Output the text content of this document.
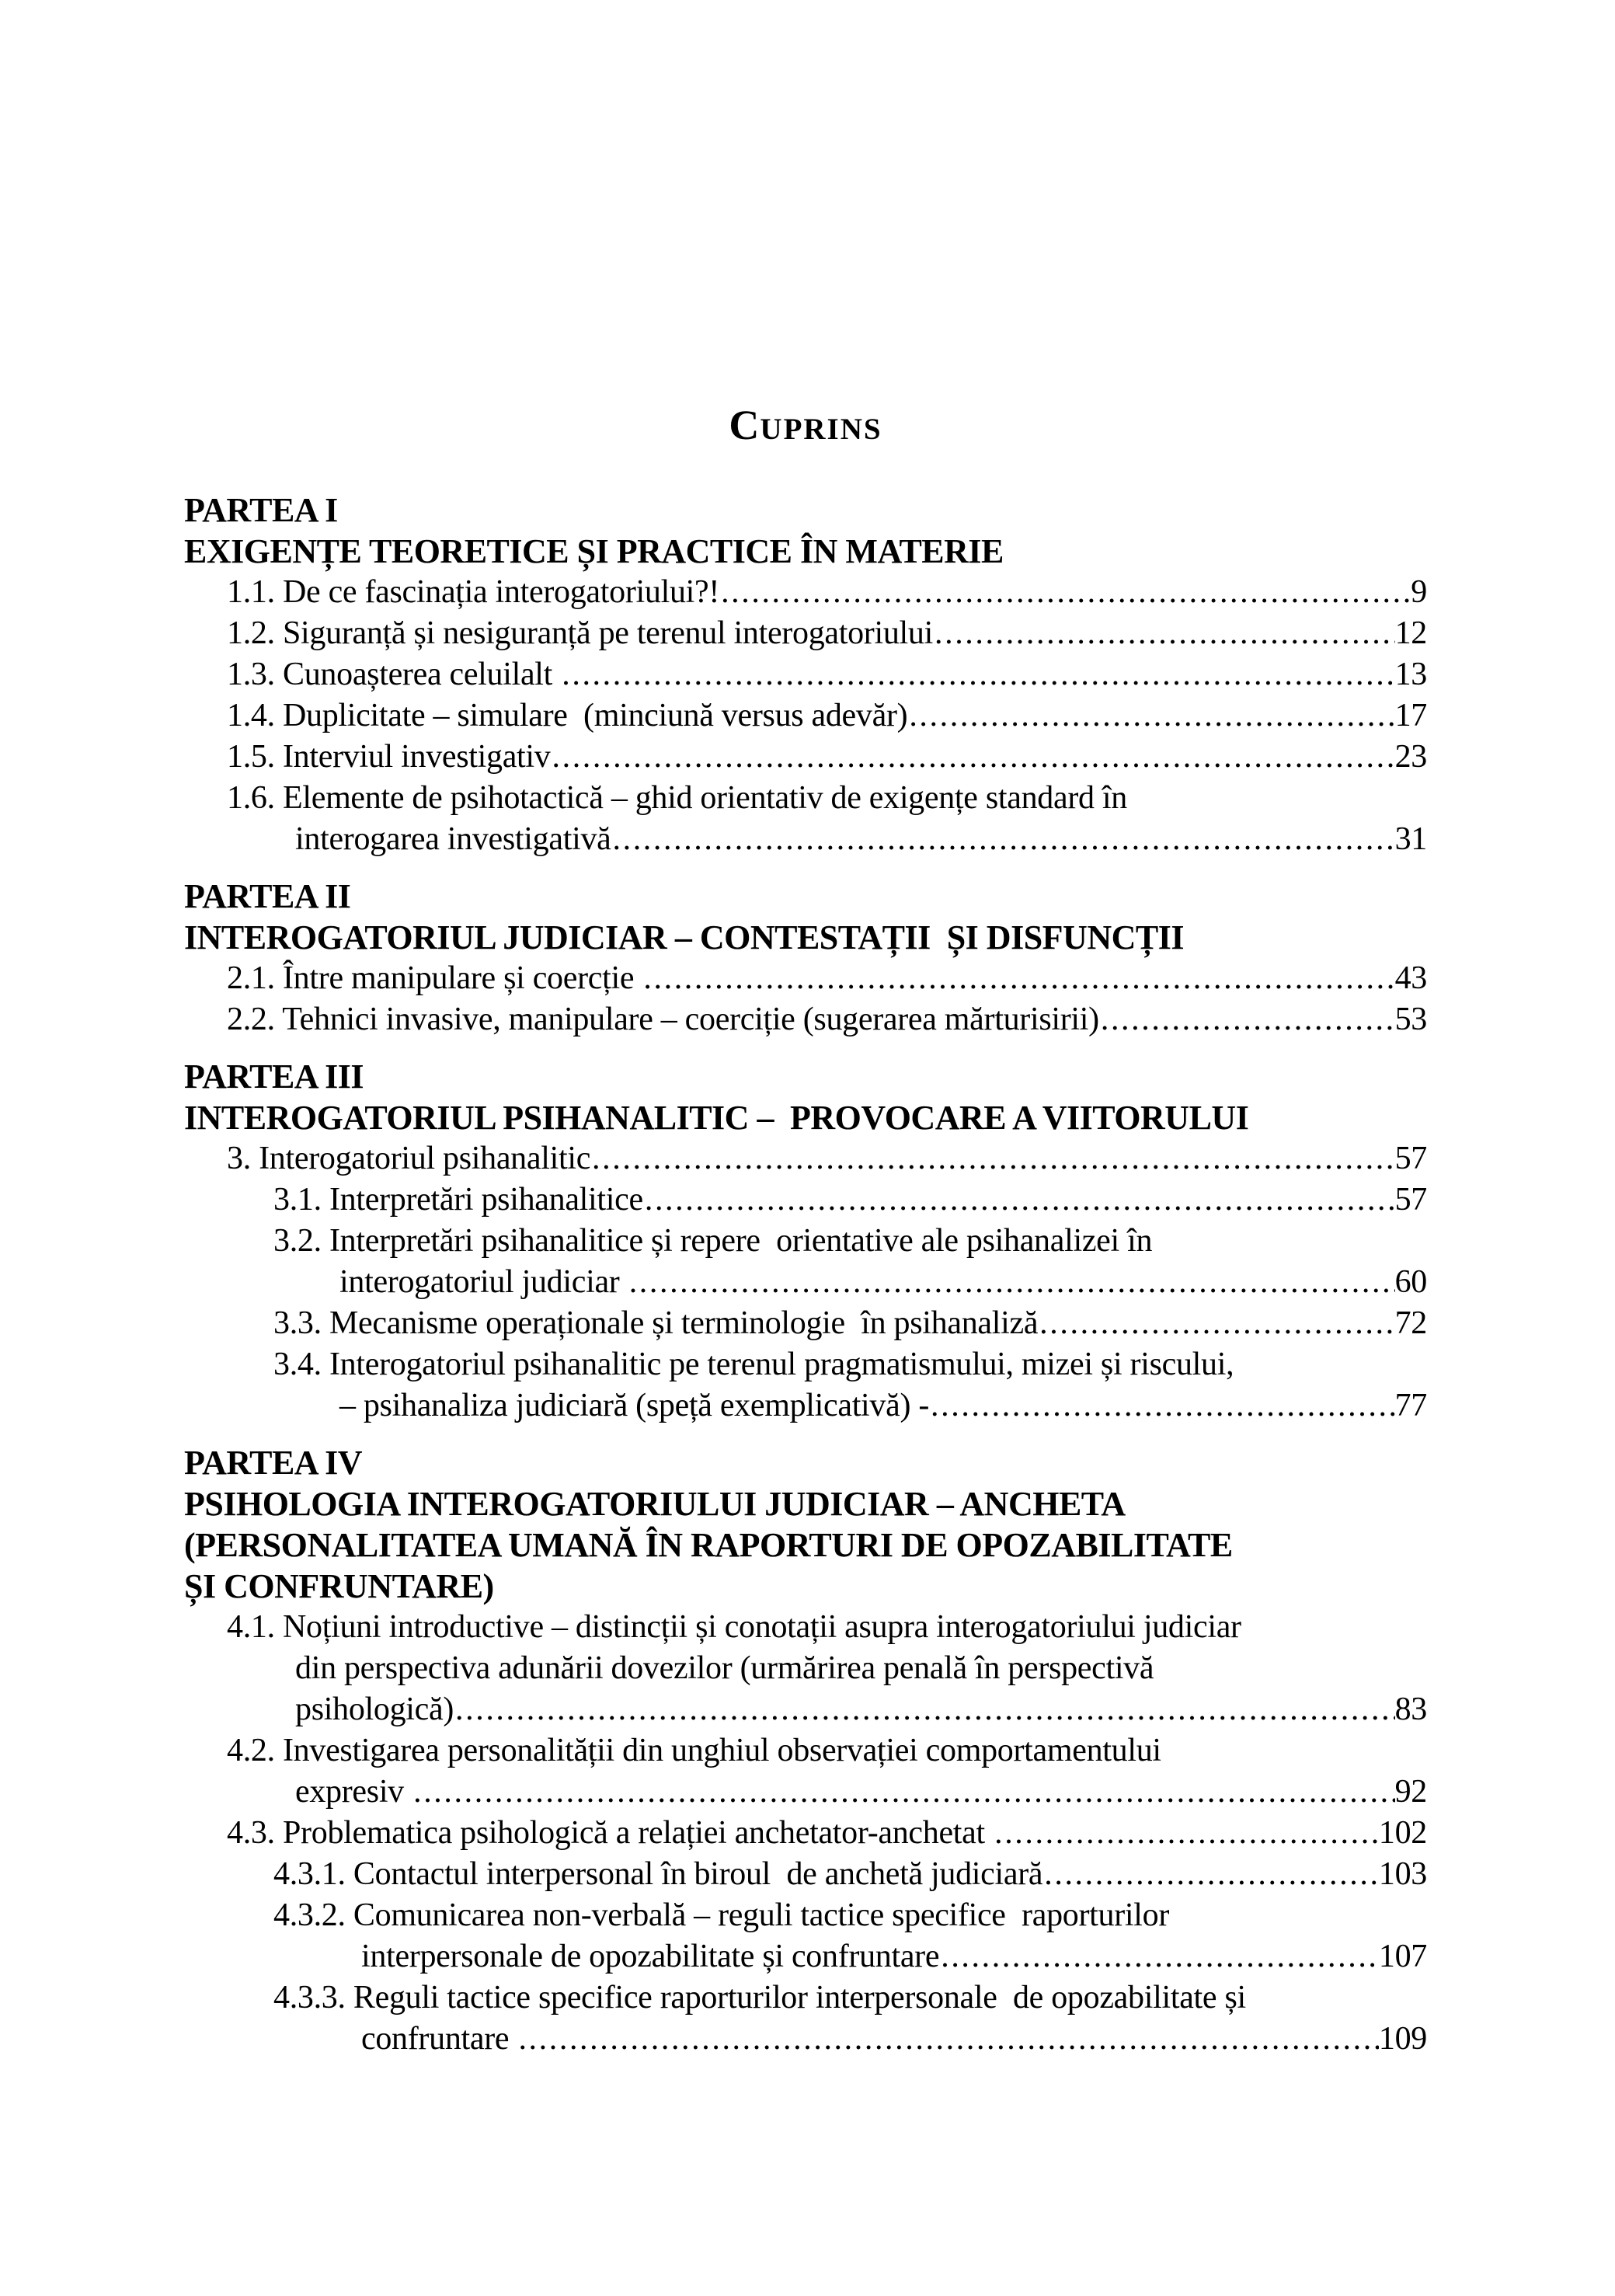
CUPRINS
PARTEA I
EXIGENȚE TEORETICE ȘI PRACTICE ÎN MATERIE
1.1. De ce fascinația interogatoriului?! .....	9
1.2. Siguranță și nesiguranță pe terenul interogatoriului .....	12
1.3. Cunoașterea celuilalt .....	13
1.4. Duplicitate – simulare  (minciună versus adevăr) .....	17
1.5. Interviul investigativ .....	23
1.6. Elemente de psihotactică – ghid orientativ de exigențe standard în
interogarea investigativă .....	31
PARTEA II
INTEROGATORIUL JUDICIAR – CONTESTAȚII  ȘI DISFUNCȚII
2.1. Între manipulare și coercție .....	43
2.2. Tehnici invasive, manipulare – coerciție (sugerarea mărturisirii) .....	53
PARTEA III
INTEROGATORIUL PSIHANALITIC –  PROVOCARE A VIITORULUI
3. Interogatoriul psihanalitic .....	57
3.1. Interpretări psihanalitice .....	57
3.2. Interpretări psihanalitice și repere  orientative ale psihanalizei în
interogatoriul judiciar .....	60
3.3. Mecanisme operaționale și terminologie  în psihanaliză .....	72
3.4. Interogatoriul psihanalitic pe terenul pragmatismului, mizei și riscului,
– psihanaliza judiciară (speță exemplicativă) - .....	77
PARTEA IV
PSIHOLOGIA INTEROGATORIULUI JUDICIAR – ANCHETA
(PERSONALITATEA UMANĂ ÎN RAPORTURI DE OPOZABILITATE
ȘI CONFRUNTARE)
4.1. Noțiuni introductive – distincții și conotații asupra interogatoriului judiciar
din perspectiva adunării dovezilor (urmărirea penală în perspectivă
psihologică) .....	83
4.2. Investigarea personalității din unghiul observației comportamentului
expresiv .....	92
4.3. Problematica psihologică a relației anchetator-anchetat .....	102
4.3.1. Contactul interpersonal în biroul  de anchetă judiciară .....	103
4.3.2. Comunicarea non-verbală – reguli tactice specifice  raporturilor
interpersonale de opozabilitate și confruntare .....	107
4.3.3. Reguli tactice specifice raporturilor interpersonale  de opozabilitate și
confruntare .....	109
